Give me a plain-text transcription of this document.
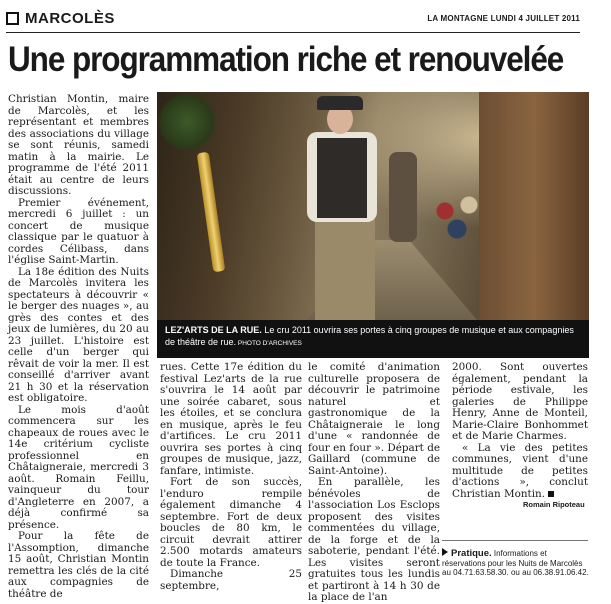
MARCOLÈS	LA MONTAGNE LUNDI 4 JUILLET 2011
Une programmation riche et renouvelée

Christian Montin, maire de Marcolès, et les représentant et membres des associations du village se sont réunis, samedi matin à la mairie. Le programme de l'été 2011 était au centre de leurs discussions.

Premier événement, mercredi 6 juillet : un concert de musique classique par le quatuor à cordes Célibass, dans l'église Saint-Martin.

La 18e édition des Nuits de Marcolès invitera les spectateurs à découvrir « le berger des nuages », au grès des contes et des jeux de lumières, du 20 au 23 juillet. L'histoire est celle d'un berger qui rêvait de voir la mer. Il est conseillé d'arriver avant 21 h 30 et la réservation est obligatoire.

Le mois d'août commencera sur les chapeaux de roues avec le 14e critérium cycliste professionnel en Châtaigneraie, mercredi 3 août. Romain Feillu, vainqueur du tour d'Angleterre en 2007, a déjà confirmé sa présence.

Pour la fête de l'Assomption, dimanche 15 août, Christian Montin remettra les clés de la cité aux compagnies de théâtre de

LEZ'ARTS DE LA RUE. Le cru 2011 ouvrira ses portes à cinq groupes de musique et aux compagnies de théâtre de rue. PHOTO D'ARCHIVES

rues. Cette 17e édition du festival Lez'arts de la rue s'ouvrira le 14 août par une soirée cabaret, sous les étoiles, et se conclura en musique, après le feu d'artifices. Le cru 2011 ouvrira ses portes à cinq groupes de musique, jazz, fanfare, intimiste.

Fort de son succès, l'enduro rempile également dimanche 4 septembre. Fort de deux boucles de 80 km, le circuit devrait attirer 2.500 motards amateurs de toute la France.

Dimanche 25 septembre,

le comité d'animation culturelle proposera de découvrir le patrimoine naturel et gastronomique de la Châtaigneraie le long d'une « randonnée de four en four ». Départ de Gaillard (commune de Saint-Antoine).

En parallèle, les bénévoles de l'association Los Esclops proposent des visites commentées du village, de la forge et de la saboterie, pendant l'été. Les visites seront gratuites tous les lundis et partiront à 14 h 30 de la place de l'an

2000. Sont ouvertes également, pendant la période estivale, les galeries de Philippe Henry, Anne de Monteil, Marie-Claire Bonhommet et de Marie Charmes.

« La vie des petites communes, vient d'une multitude de petites d'actions », conclut Christian Montin.

Romain Ripoteau
Pratique. Informations et réservations pour les Nuits de Marcolès au 04.71.63.58.30. ou au 06.38.91.06.42.
